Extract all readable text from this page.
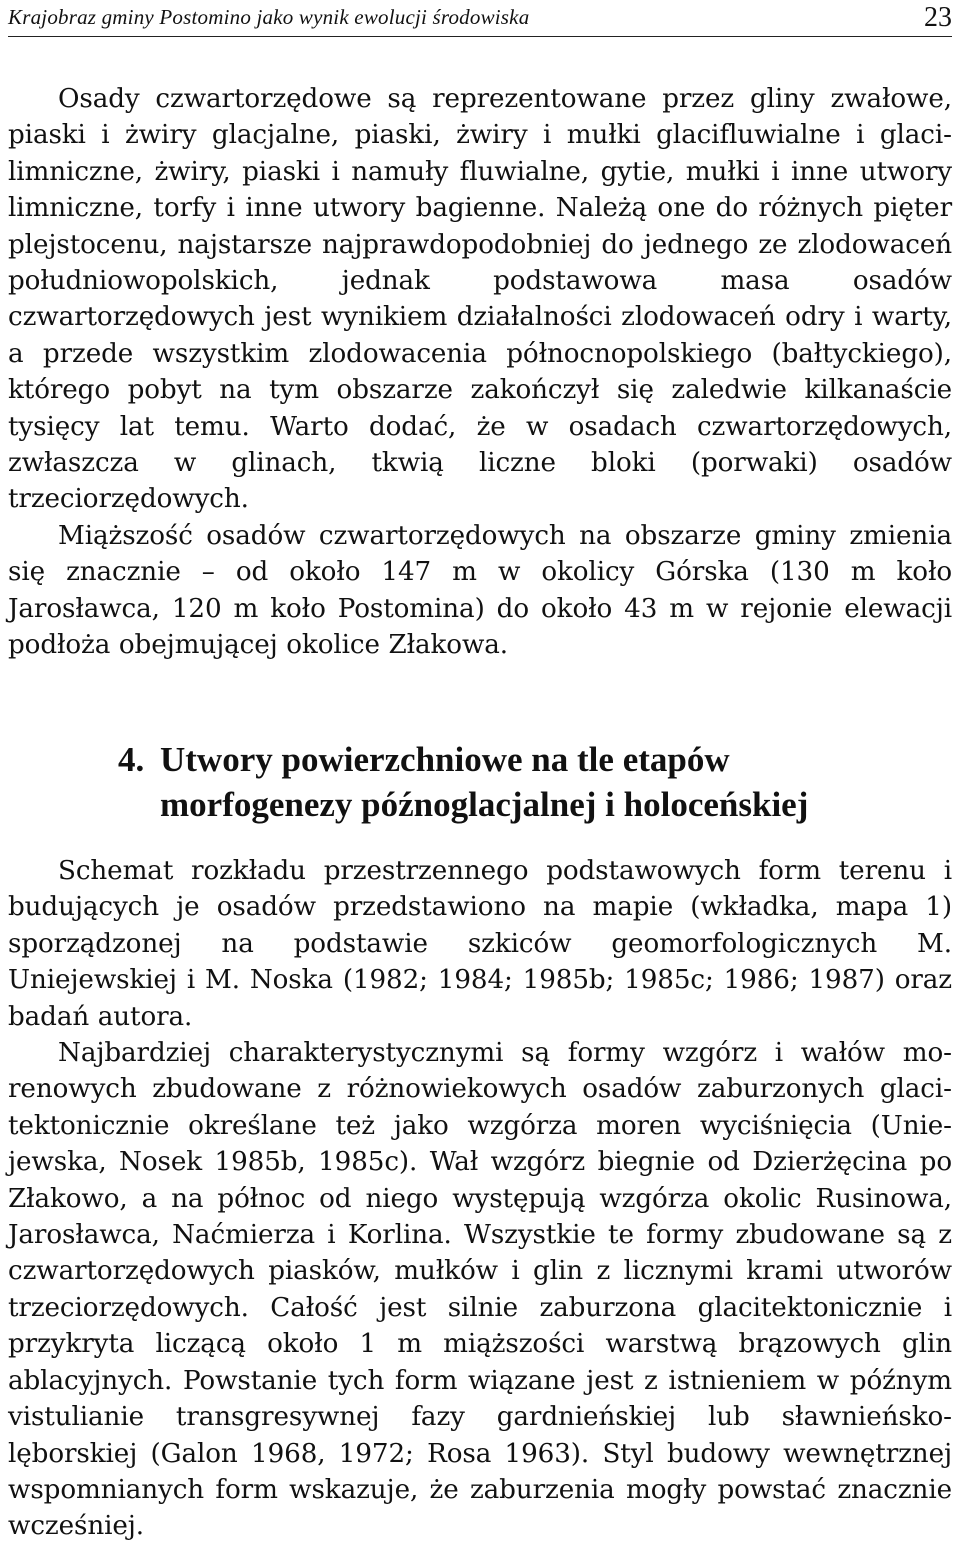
Krajobraz gminy Postomino jako wynik ewolucji środowiska	23

Osady czwartorzędowe są reprezentowane przez gliny zwałowe, piaski i żwiry glacjalne, piaski, żwiry i mułki glacifluwialne i glacilimniczne, żwiry, piaski i namuły fluwialne, gytie, mułki i inne utwory limniczne, torfy i inne utwory bagienne. Należą one do różnych pięter plejstocenu, najstarsze najprawdopodobniej do jednego ze zlodowaceń południowopolskich, jednak podstawowa masa osadów czwartorzędowych jest wynikiem działalności zlodowaceń odry i warty, a przede wszystkim zlodowacenia północnopolskiego (bałtyckiego), którego pobyt na tym obszarze zakończył się zaledwie kilkanaście tysięcy lat temu. Warto dodać, że w osadach czwartorzędowych, zwłaszcza w glinach, tkwią liczne bloki (porwaki) osadów trzeciorzędowych.

Miąższość osadów czwartorzędowych na obszarze gminy zmienia się znacznie – od około 147 m w okolicy Górska (130 m koło Jarosławca, 120 m koło Postomina) do około 43 m w rejonie elewacji podłoża obejmującej okolice Złakowa.

4. Utwory powierzchniowe na tle etapów
morfogenezy późnoglacjalnej i holoceńskiej

Schemat rozkładu przestrzennego podstawowych form terenu i budujących je osadów przedstawiono na mapie (wkładka, mapa 1) sporządzonej na podstawie szkiców geomorfologicznych M. Uniejewskiej i M. Noska (1982; 1984; 1985b; 1985c; 1986; 1987) oraz badań autora.

Najbardziej charakterystycznymi są formy wzgórz i wałów morenowych zbudowane z różnowiekowych osadów zaburzonych glacitektonicznie określane też jako wzgórza moren wyciśnięcia (Uniejewska, Nosek 1985b, 1985c). Wał wzgórz biegnie od Dzierżęcina po Złakowo, a na północ od niego występują wzgórza okolic Rusinowa, Jarosławca, Naćmierza i Korlina. Wszystkie te formy zbudowane są z czwartorzędowych piasków, mułków i glin z licznymi krami utworów trzeciorzędowych. Całość jest silnie zaburzona glacitektonicznie i przykryta liczącą około 1 m miąższości warstwą brązowych glin ablacyjnych. Powstanie tych form wiązane jest z istnieniem w późnym vistulianie transgresywnej fazy gardnieńskiej lub sławnieńskolęborskiej (Galon 1968, 1972; Rosa 1963). Styl budowy wewnętrznej wspomnianych form wskazuje, że zaburzenia mogły powstać znacznie wcześniej.
